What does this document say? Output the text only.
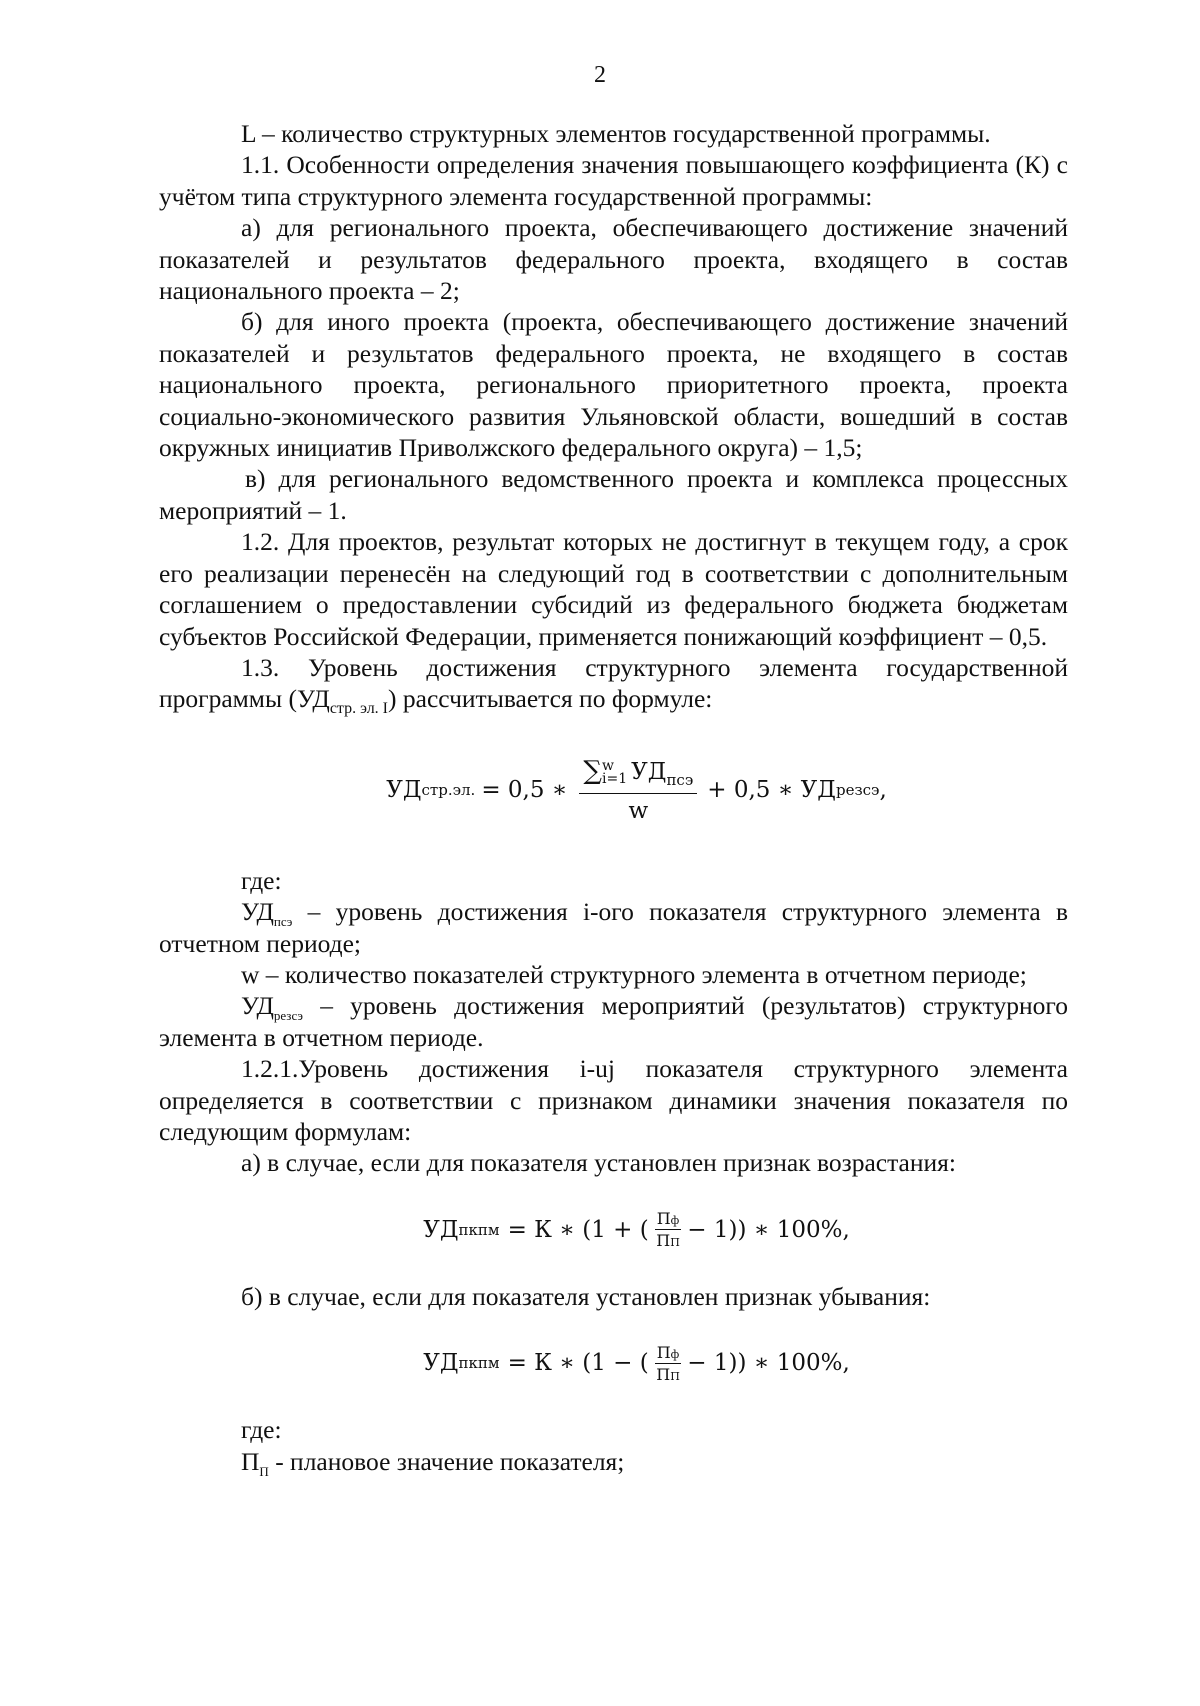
2

L – количество структурных элементов государственной программы.

1.1. Особенности определения значения повышающего коэффициента (К) с учётом типа структурного элемента государственной программы:

а) для регионального проекта, обеспечивающего достижение значений показателей и результатов федерального проекта, входящего в состав национального проекта – 2;

б) для иного проекта (проекта, обеспечивающего достижение значений показателей и результатов федерального проекта, не входящего в состав национального проекта, регионального приоритетного проекта, проекта социально-экономического развития Ульяновской области, вошедший в состав окружных инициатив Приволжского федерального округа) – 1,5;

в) для регионального ведомственного проекта и комплекса процессных мероприятий – 1.

1.2. Для проектов, результат которых не достигнут в текущем году, а срок его реализации перенесён на следующий год в соответствии с дополнительным соглашением о предоставлении субсидий из федерального бюджета бюджетам субъектов Российской Федерации, применяется понижающий коэффициент – 0,5.

1.3. Уровень достижения структурного элемента государственной программы $(УД_{стр. эл. I})$ рассчитывается по формуле:

УД стр.эл. = 0,5 ∗ ∑ w
i=1 $УД_{псэ}$
w + 0,5 ∗ УД резсэ ,

где:

$УД_{псэ}$ – уровень достижения i-ого показателя структурного элемента в отчетном периоде;

w – количество показателей структурного элемента в отчетном периоде;

$УД_{резсэ}$ – уровень достижения мероприятий (результатов) структурного элемента в отчетном периоде.

1.2.1.Уровень достижения i-uj показателя структурного элемента определяется в соответствии с признаком динамики значения показателя по следующим формулам:

а) в случае, если для показателя установлен признак возрастания:

УД пкпм = К ∗ (1 + ( $\frac{Пф}{ПП} - 1$)) ∗ 100%,

б) в случае, если для показателя установлен признак убывания:

УД пкпм = К ∗ (1 − ( $\frac{Пф}{ПП} - 1$)) ∗ 100%,

где:

$П_П$ - плановое значение показателя;
